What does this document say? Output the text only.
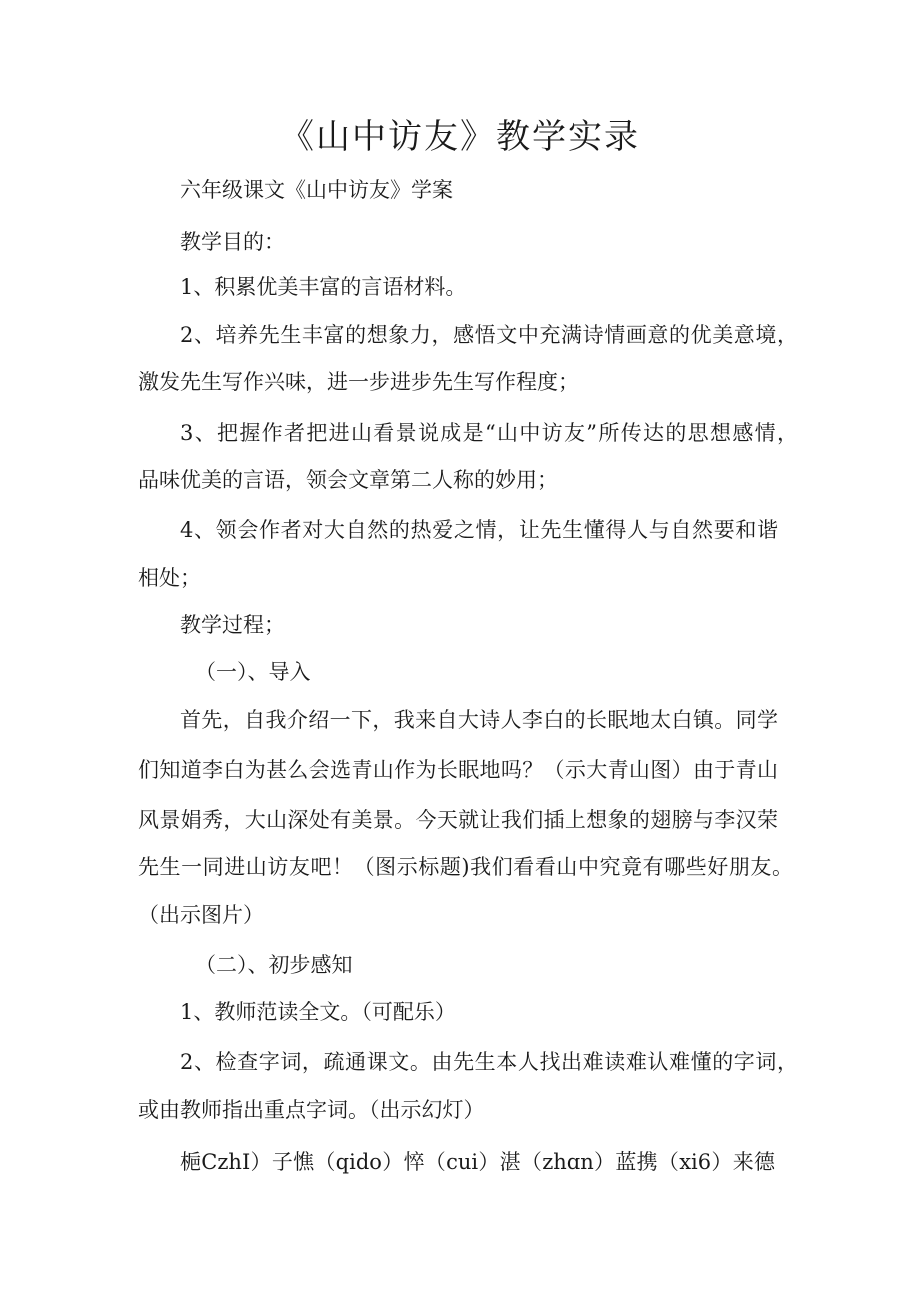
《山中访友》教学实录
六年级课文《山中访友》学案
教学目的：
1、积累优美丰富的言语材料。
2、培养先生丰富的想象力，感悟文中充满诗情画意的优美意境，
激发先生写作兴味，进一步进步先生写作程度；
3、把握作者把进山看景说成是“山中访友”所传达的思想感情，
品味优美的言语，领会文章第二人称的妙用；
4、领会作者对大自然的热爱之情，让先生懂得人与自然要和谐
相处；
教学过程；
（一）、导入
首先，自我介绍一下，我来自大诗人李白的长眠地太白镇。同学
们知道李白为甚么会选青山作为长眠地吗？（示大青山图）由于青山
风景娟秀，大山深处有美景。今天就让我们插上想象的翅膀与李汉荣
先生一同进山访友吧！（图示标题)我们看看山中究竟有哪些好朋友。
（出示图片）
（二）、初步感知
1、教师范读全文。（可配乐）
2、检查字词，疏通课文。由先生本人找出难读难认难懂的字词，
或由教师指出重点字词。（出示幻灯）
梔CzhI）子憔（qido）悴（cui）湛（zhɑn）蓝携（xi6）来德
